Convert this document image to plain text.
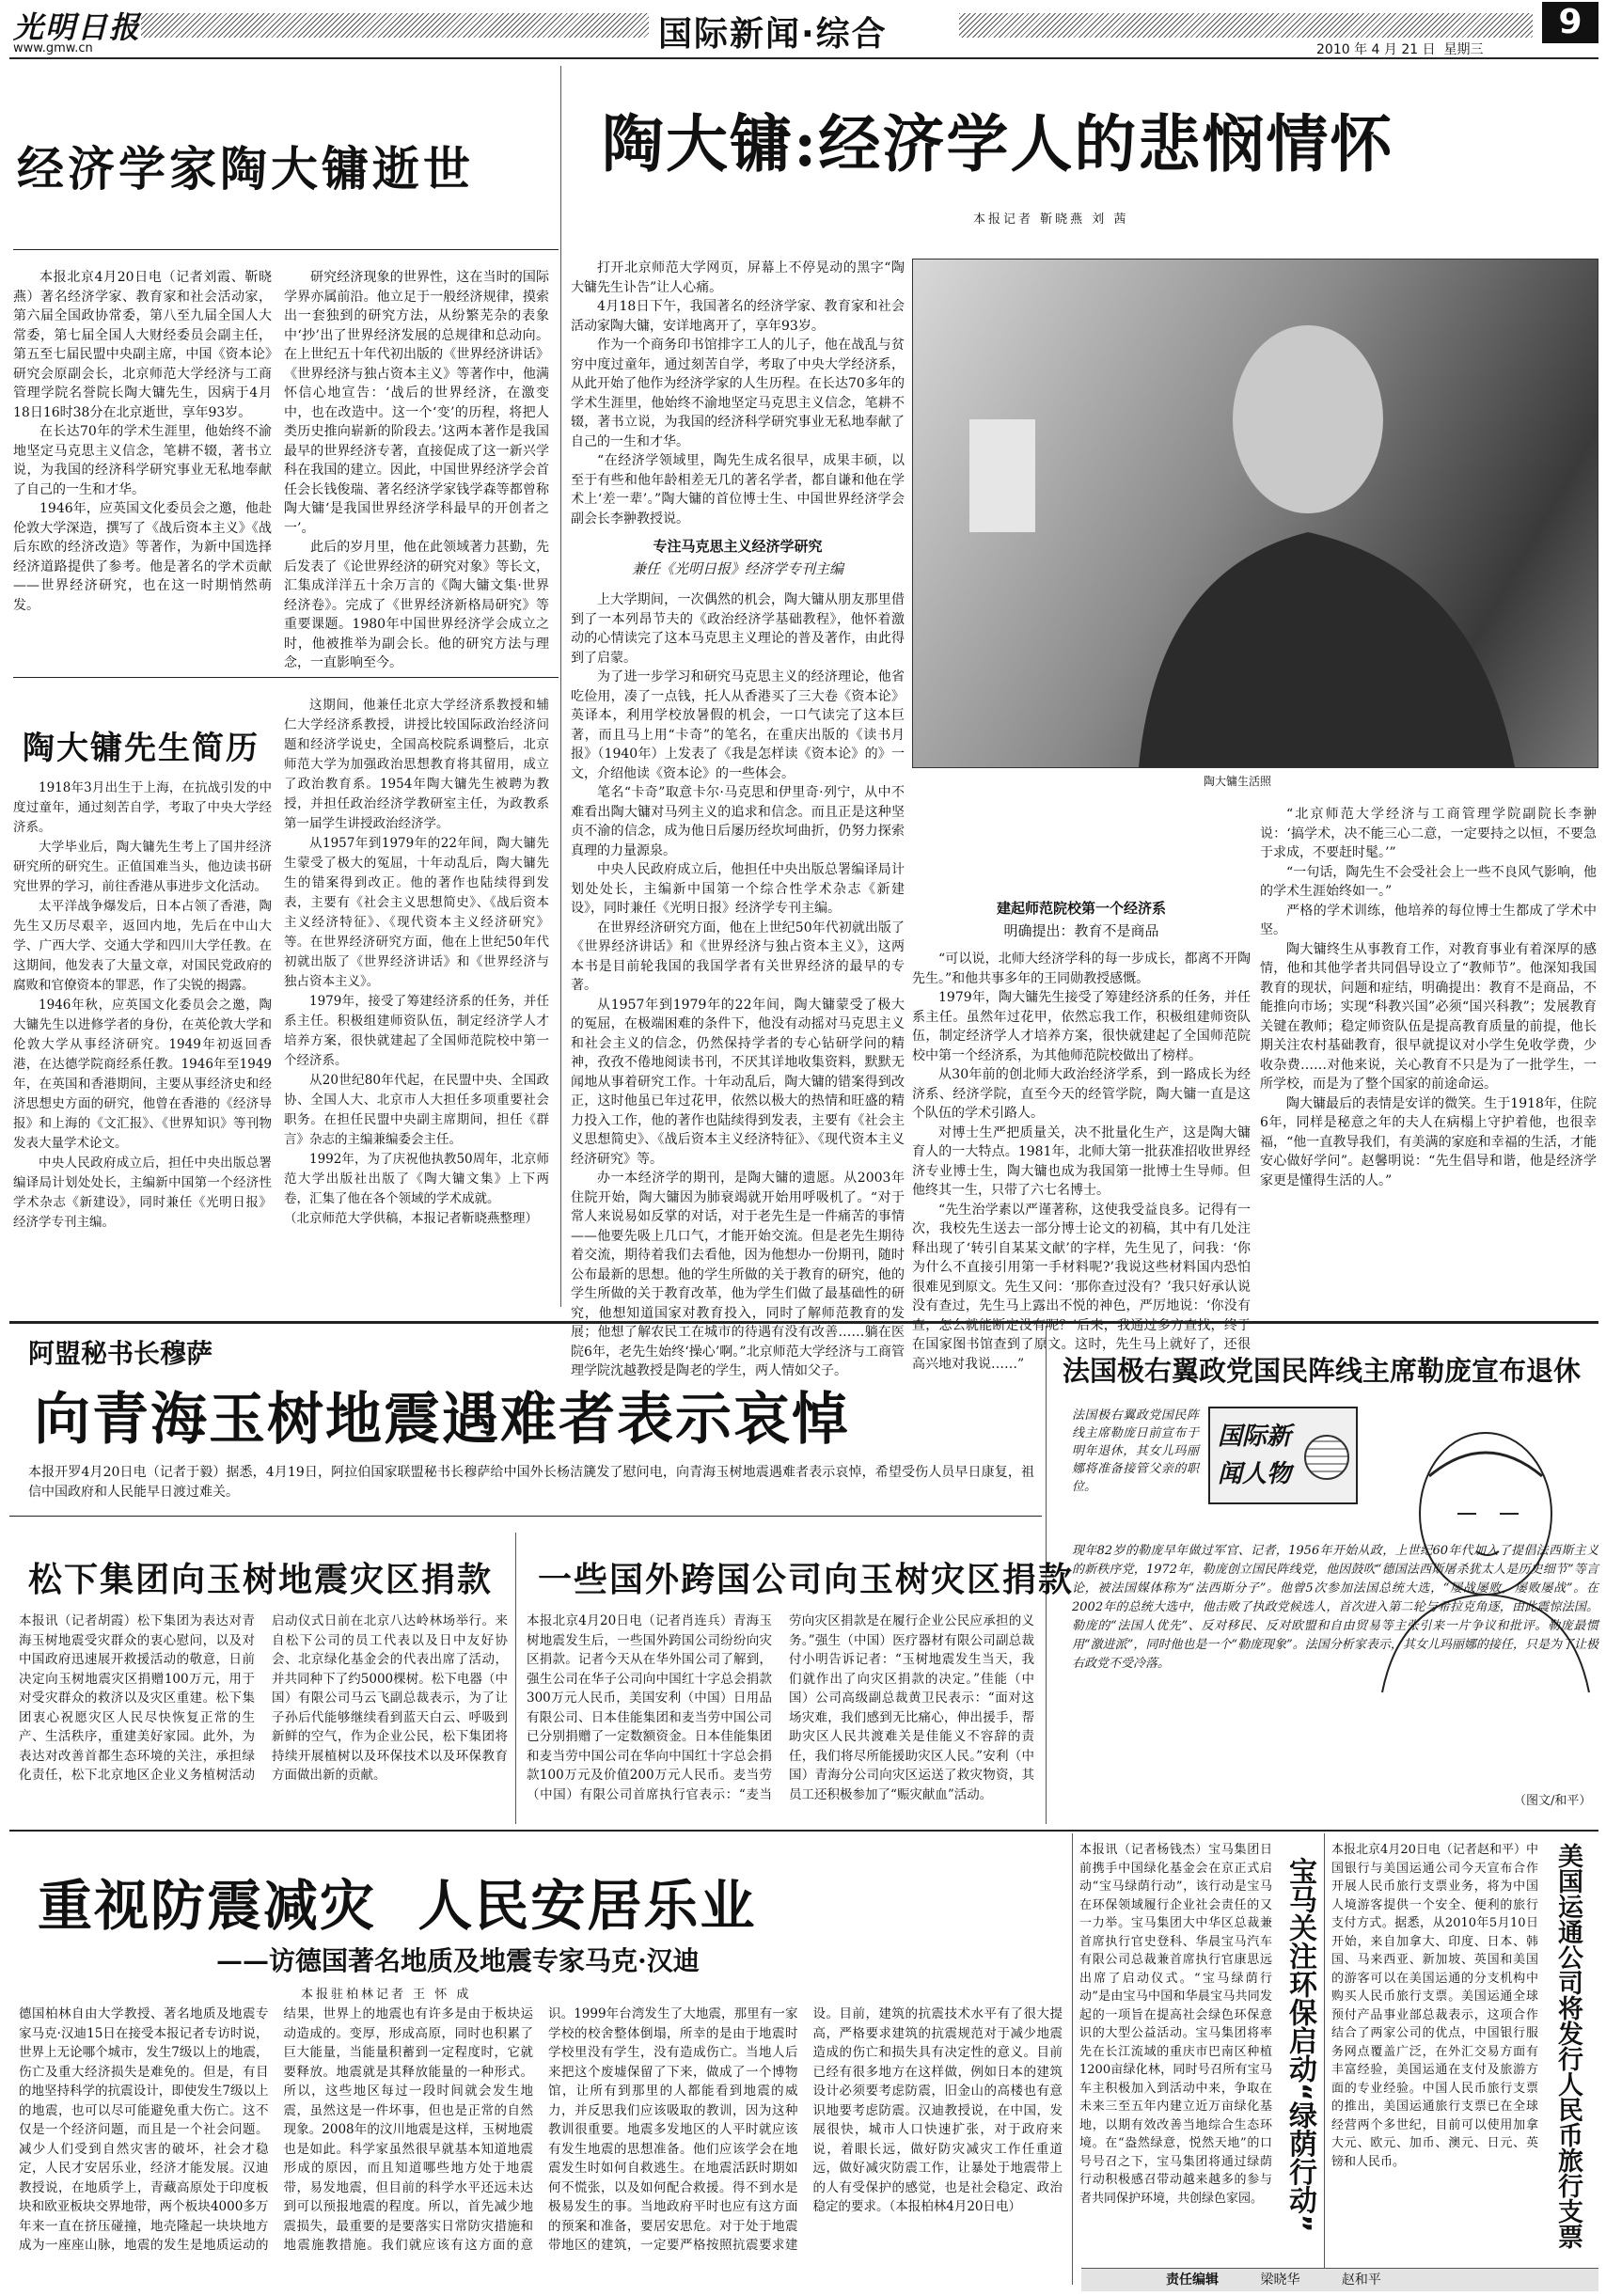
光明日报
www.gmw.cn	国际新闻·综合	9
2010 年 4 月 21 日 星期三
经济学家陶大镛逝世

本报北京4月20日电（记者刘霞、靳晓燕）著名经济学家、教育家和社会活动家，第六届全国政协常委，第八至九届全国人大常委，第七届全国人大财经委员会副主任，第五至七届民盟中央副主席，中国《资本论》研究会原副会长，北京师范大学经济与工商管理学院名誉院长陶大镛先生，因病于4月18日16时38分在北京逝世，享年93岁。

在长达70年的学术生涯里，他始终不渝地坚定马克思主义信念，笔耕不辍，著书立说，为我国的经济科学研究事业无私地奉献了自己的一生和才华。

1946年，应英国文化委员会之邀，他赴伦敦大学深造，撰写了《战后资本主义》《战后东欧的经济改造》等著作，为新中国选择经济道路提供了参考。他是著名的学术贡献——世界经济研究，也在这一时期悄然萌发。

研究经济现象的世界性，这在当时的国际学界亦属前沿。他立足于一般经济规律，摸索出一套独到的研究方法，从纷繁芜杂的表象中‘抄’出了世界经济发展的总规律和总动向。在上世纪五十年代初出版的《世界经济讲话》《世界经济与独占资本主义》等著作中，他满怀信心地宣告：‘战后的世界经济，在激变中，也在改造中。这一个‘变’的历程，将把人类历史推向崭新的阶段去。’这两本著作是我国最早的世界经济专著，直接促成了这一新兴学科在我国的建立。因此，中国世界经济学会首任会长钱俊瑞、著名经济学家钱学森等都曾称陶大镛‘是我国世界经济学科最早的开创者之一’。

此后的岁月里，他在此领域著力甚勤，先后发表了《论世界经济的研究对象》等长文，汇集成洋洋五十余万言的《陶大镛文集·世界经济卷》。完成了《世界经济新格局研究》等重要课题。1980年中国世界经济学会成立之时，他被推举为副会长。他的研究方法与理念，一直影响至今。

陶大镛先生简历

1918年3月出生于上海，在抗战引发的中度过童年，通过刻苦自学，考取了中央大学经济系。

大学毕业后，陶大镛先生考上了国井经济研究所的研究生。正值国难当头，他边读书研究世界的学习，前往香港从事进步文化活动。

太平洋战争爆发后，日本占领了香港，陶先生又历尽艰辛，返回内地，先后在中山大学、广西大学、交通大学和四川大学任教。在这期间，他发表了大量文章，对国民党政府的腐败和官僚资本的罪恶，作了尖锐的揭露。

1946年秋，应英国文化委员会之邀，陶大镛先生以进修学者的身份，在英伦敦大学和伦敦大学从事经济研究。1949年初返回香港，在达德学院商经系任教。1946年至1949年，在英国和香港期间，主要从事经济史和经济思想史方面的研究，他曾在香港的《经济导报》和上海的《文汇报》、《世界知识》等刊物发表大量学术论文。

中央人民政府成立后，担任中央出版总署编译局计划处处长，主编新中国第一个经济性学术杂志《新建设》，同时兼任《光明日报》经济学专刊主编。

这期间，他兼任北京大学经济系教授和辅仁大学经济系教授，讲授比较国际政治经济问题和经济学说史，全国高校院系调整后，北京师范大学为加强政治思想教育将其留用，成立了政治教育系。1954年陶大镛先生被聘为教授，并担任政治经济学教研室主任，为政教系第一届学生讲授政治经济学。

从1957年到1979年的22年间，陶大镛先生蒙受了极大的冤屈，十年动乱后，陶大镛先生的错案得到改正。他的著作也陆续得到发表，主要有《社会主义思想简史》、《战后资本主义经济特征》、《现代资本主义经济研究》等。在世界经济研究方面，他在上世纪50年代初就出版了《世界经济讲话》和《世界经济与独占资本主义》。

1979年，接受了筹建经济系的任务，并任系主任。积极组建师资队伍，制定经济学人才培养方案，很快就建起了全国师范院校中第一个经济系。

从20世纪80年代起，在民盟中央、全国政协、全国人大、北京市人大担任多项重要社会职务。在担任民盟中央副主席期间，担任《群言》杂志的主编兼编委会主任。

1992年，为了庆祝他执教50周年，北京师范大学出版社出版了《陶大镛文集》上下两卷，汇集了他在各个领域的学术成就。

（北京师范大学供稿，本报记者靳晓燕整理）

陶大镛:经济学人的悲悯情怀
本报记者 靳晓燕 刘 茜

打开北京师范大学网页，屏幕上不停晃动的黑字“陶大镛先生讣告”让人心痛。

4月18日下午，我国著名的经济学家、教育家和社会活动家陶大镛，安详地离开了，享年93岁。

作为一个商务印书馆排字工人的儿子，他在战乱与贫穷中度过童年，通过刻苦自学，考取了中央大学经济系，从此开始了他作为经济学家的人生历程。在长达70多年的学术生涯里，他始终不渝地坚定马克思主义信念，笔耕不辍，著书立说，为我国的经济科学研究事业无私地奉献了自己的一生和才华。

“在经济学领域里，陶先生成名很早，成果丰硕，以至于有些和他年龄相差无几的著名学者，都自谦和他在学术上‘差一辈’。”陶大镛的首位博士生、中国世界经济学会副会长李翀教授说。

专注马克思主义经济学研究
兼任《光明日报》经济学专刊主编

上大学期间，一次偶然的机会，陶大镛从朋友那里借到了一本列昂节夫的《政治经济学基础教程》，他怀着激动的心情读完了这本马克思主义理论的普及著作，由此得到了启蒙。

为了进一步学习和研究马克思主义的经济理论，他省吃俭用，凑了一点钱，托人从香港买了三大卷《资本论》英译本，利用学校放暑假的机会，一口气读完了这本巨著，而且马上用“卡奇”的笔名，在重庆出版的《读书月报》（1940年）上发表了《我是怎样读《资本论》的》一文，介绍他读《资本论》的一些体会。

笔名“卡奇”取意卡尔·马克思和伊里奇·列宁，从中不难看出陶大镛对马列主义的追求和信念。而且正是这种坚贞不渝的信念，成为他日后屡历经坎坷曲折，仍努力探索真理的力量源泉。

中央人民政府成立后，他担任中央出版总署编译局计划处处长，主编新中国第一个综合性学术杂志《新建设》，同时兼任《光明日报》经济学专刊主编。

在世界经济研究方面，他在上世纪50年代初就出版了《世界经济讲话》和《世界经济与独占资本主义》，这两本书是目前轮我国的我国学者有关世界经济的最早的专著。

从1957年到1979年的22年间，陶大镛蒙受了极大的冤屈，在极端困难的条件下，他没有动摇对马克思主义和社会主义的信念，仍然保持学者的专心钻研学问的精神，孜孜不倦地阅读书刊，不厌其详地收集资料，默默无闻地从事着研究工作。十年动乱后，陶大镛的错案得到改正，这时他虽已年过花甲，依然以极大的热情和旺盛的精力投入工作，他的著作也陆续得到发表，主要有《社会主义思想简史》、《战后资本主义经济特征》、《现代资本主义经济研究》等。

办一本经济学的期刊，是陶大镛的遗愿。从2003年住院开始，陶大镛因为肺衰竭就开始用呼吸机了。“对于常人来说易如反掌的对话，对于老先生是一件痛苦的事情——他要先吸上几口气，才能开始交流。但是老先生期待着交流，期待着我们去看他，因为他想办一份期刊，随时公布最新的思想。他的学生所做的关于教育的研究，他的学生所做的关于教育改革，他为学生们做了最基础性的研究，他想知道国家对教育投入，同时了解师范教育的发展；他想了解农民工在城市的待遇有没有改善……躺在医院6年，老先生始终‘操心’啊。”北京师范大学经济与工商管理学院沈越教授是陶老的学生，两人情如父子。

陶大镛生活照
建起师范院校第一个经济系
明确提出：教育不是商品

“可以说，北师大经济学科的每一步成长，都离不开陶先生。”和他共事多年的王同勋教授感慨。

1979年，陶大镛先生接受了筹建经济系的任务，并任系主任。虽然年过花甲，依然忘我工作，积极组建师资队伍，制定经济学人才培养方案，很快就建起了全国师范院校中第一个经济系，为其他师范院校做出了榜样。

从30年前的创北师大政治经济学系，到一路成长为经济系、经济学院，直至今天的经管学院，陶大镛一直是这个队伍的学术引路人。

对博士生严把质量关，决不批量化生产，这是陶大镛育人的一大特点。1981年，北师大第一批获准招收世界经济专业博士生，陶大镛也成为我国第一批博士生导师。但他终其一生，只带了六七名博士。

“先生治学素以严谨著称，这使我受益良多。记得有一次，我校先生送去一部分博士论文的初稿，其中有几处注释出现了‘转引自某某文献’的字样，先生见了，问我：‘你为什么不直接引用第一手材料呢?’我说这些材料国内恐怕很难见到原文。先生又问：‘那你查过没有？’我只好承认说没有查过，先生马上露出不悦的神色，严厉地说：‘你没有查，怎么就能断定没有呢？’后来，我通过多方查找，终于在国家图书馆查到了原文。这时，先生马上就好了，还很高兴地对我说……”

“北京师范大学经济与工商管理学院副院长李翀说：‘搞学术，决不能三心二意，一定要持之以恒，不要急于求成，不要赶时髦。’”

“一句话，陶先生不会受社会上一些不良风气影响，他的学术生涯始终如一。”

严格的学术训练，他培养的每位博士生都成了学术中坚。

陶大镛终生从事教育工作，对教育事业有着深厚的感情，他和其他学者共同倡导设立了“教师节”。他深知我国教育的现状，问题和症结，明确提出：教育不是商品，不能推向市场；实现“科教兴国”必须“国兴科教”；发展教育关键在教师；稳定师资队伍是提高教育质量的前提，他长期关注农村基础教育，很早就提议对小学生免收学费，少收杂费……对他来说，关心教育不只是为了一批学生，一所学校，而是为了整个国家的前途命运。

陶大镛最后的表情是安详的微笑。生于1918年，住院6年，同样是秘意之年的夫人在病榻上守护着他，也很幸福，“他一直教导我们，有美满的家庭和幸福的生活，才能安心做好学问”。赵馨明说：“先生倡导和谐，他是经济学家更是懂得生活的人。”

阿盟秘书长穆萨
向青海玉树地震遇难者表示哀悼
本报开罗4月20日电（记者于毅）据悉，4月19日，阿拉伯国家联盟秘书长穆萨给中国外长杨洁篪发了慰问电，向青海玉树地震遇难者表示哀悼，希望受伤人员早日康复，祖信中国政府和人民能早日渡过难关。
法国极右翼政党国民阵线主席勒庞宣布退休
法国极右翼政党国民阵线主席勒庞日前宣布于明年退休，其女儿玛丽娜将准备接管父亲的职位。
国际新闻人物
现年82岁的勒庞早年做过军官、记者，1956年开始从政，上世纪60年代加入了提倡法西斯主义的新秩序党，1972年，勒庞创立国民阵线党，他因鼓吹“德国法西斯屠杀犹太人是历史细节”等言论，被法国媒体称为“法西斯分子”。他曾5次参加法国总统大选，“屡战屡败，屡败屡战”。在2002年的总统大选中，他击败了执政党候选人，首次进入第二轮与希拉克角逐，由此震惊法国。勒庞的“法国人优先”、反对移民、反对欧盟和自由贸易等主张引来一片争议和批评。勒庞最惯用“激进派”，同时他也是一个“勒庞现象”。法国分析家表示，其女儿玛丽娜的接任，只是为了让极右政党不受冷落。
（图文/和平）
松下集团向玉树地震灾区捐款
本报讯（记者胡霞）松下集团为表达对青海玉树地震受灾群众的衷心慰问，以及对中国政府迅速展开救援活动的敬意，日前决定向玉树地震灾区捐赠100万元，用于对受灾群众的救济以及灾区重建。松下集团衷心祝愿灾区人民尽快恢复正常的生产、生活秩序，重建美好家园。此外，为表达对改善首都生态环境的关注，承担绿化责任，松下北京地区企业义务植树活动启动仪式日前在北京八达岭林场举行。来自松下公司的员工代表以及日中友好协会、北京绿化基金会的代表出席了活动，并共同种下了约5000棵树。松下电器（中国）有限公司马云飞副总裁表示，为了让子孙后代能够继续看到蓝天白云、呼吸到新鲜的空气，作为企业公民，松下集团将持续开展植树以及环保技术以及环保教育方面做出新的贡献。
一些国外跨国公司向玉树灾区捐款
本报北京4月20日电（记者肖连兵）青海玉树地震发生后，一些国外跨国公司纷纷向灾区捐款。记者今天从在华外国公司了解到，强生公司在华子公司向中国红十字总会捐款300万元人民币，美国安利（中国）日用品有限公司、日本佳能集团和麦当劳中国公司已分别捐赠了一定数额资金。日本佳能集团和麦当劳中国公司在华向中国红十字总会捐款100万元及价值200万元人民币。麦当劳（中国）有限公司首席执行官表示：“麦当劳向灾区捐款是在履行企业公民应承担的义务。”强生（中国）医疗器材有限公司副总裁付小明告诉记者：“玉树地震发生当天，我们就作出了向灾区捐款的决定。”佳能（中国）公司高级副总裁黄卫民表示：“面对这场灾难，我们感到无比痛心，伸出援手，帮助灾区人民共渡难关是佳能义不容辞的责任，我们将尽所能援助灾区人民。”安利（中国）青海分公司向灾区运送了救灾物资，其员工还积极参加了“赈灾献血”活动。
重视防震减灾  人民安居乐业
——访德国著名地质及地震专家马克·汉迪
本报驻柏林记者 王 怀 成
德国柏林自由大学教授、著名地质及地震专家马克·汉迪15日在接受本报记者专访时说，世界上无论哪个城市，发生7级以上的地震，伤亡及重大经济损失是难免的。但是，有目的地坚持科学的抗震设计，即使发生7级以上的地震，也可以尽可能避免重大伤亡。这不仅是一个经济问题，而且是一个社会问题。减少人们受到自然灾害的破坏，社会才稳定，人民才安居乐业，经济才能发展。汉迪教授说，在地质学上，青藏高原处于印度板块和欧亚板块交界地带，两个板块4000多万年来一直在挤压碰撞，地壳隆起一块块地方成为一座座山脉，地震的发生是地质运动的结果，世界上的地震也有许多是由于板块运动造成的。变厚，形成高原，同时也积累了巨大能量，当能量积蓄到一定程度时，它就要释放。地震就是其释放能量的一种形式。所以，这些地区每过一段时间就会发生地震，虽然这是一件坏事，但也是正常的自然现象。2008年的汶川地震是这样，玉树地震也是如此。科学家虽然很早就基本知道地震形成的原因，而且知道哪些地方处于地震带，易发地震，但目前的科学水平还远未达到可以预报地震的程度。所以，首先减少地震损失，最重要的是要落实日常防灾措施和地震施教措施。我们就应该有这方面的意识。1999年台湾发生了大地震，那里有一家学校的校舍整体倒塌，所幸的是由于地震时学校里没有学生，没有造成伤亡。当地人后来把这个废墟保留了下来，做成了一个博物馆，让所有到那里的人都能看到地震的威力，并反思我们应该吸取的教训，因为这种教训很重要。地震多发地区的人平时就应该有发生地震的思想准备。他们应该学会在地震发生时如何自救逃生。在地震活跃时期如何不慌张，以及如何配合救援。得不到水是极易发生的事。当地政府平时也应有这方面的预案和准备，要居安思危。对于处于地震带地区的建筑，一定要严格按照抗震要求建设。目前，建筑的抗震技术水平有了很大提高，严格要求建筑的抗震规范对于减少地震造成的伤亡和损失具有决定性的意义。目前已经有很多地方在这样做，例如日本的建筑设计必须要考虑防震，旧金山的高楼也有意识地要考虑防震。汉迪教授说，在中国，发展很快，城市人口快速扩张，对于政府来说，着眼长远，做好防灾减灾工作任重道远，做好减灾防震工作，让暴处于地震带上的人有受保护的感觉，也是社会稳定、政治稳定的要求。（本报柏林4月20日电）
本报讯（记者杨钱杰）宝马集团日前携手中国绿化基金会在京正式启动“宝马绿荫行动”，该行动是宝马在环保领域履行企业社会责任的又一力举。宝马集团大中华区总裁兼首席执行官史登科、华晨宝马汽车有限公司总裁兼首席执行官康思远出席了启动仪式。“宝马绿荫行动”是由宝马中国和华晨宝马共同发起的一项旨在提高社会绿色环保意识的大型公益活动。宝马集团将率先在长江流域的重庆市巴南区种植1200亩绿化林，同时号召所有宝马车主积极加入到活动中来，争取在未来三至五年内建立近万亩绿化基地，以期有效改善当地综合生态环境。在“盎然绿意，悦然天地”的口号号召之下，宝马集团将通过绿荫行动积极感召带动越来越多的参与者共同保护环境，共创绿色家园。 宝马关注环保启动“绿荫行动”
本报北京4月20日电（记者赵和平）中国银行与美国运通公司今天宣布合作开展人民币旅行支票业务，将为中国人境游客提供一个安全、便利的旅行支付方式。据悉，从2010年5月10日开始，来自加拿大、印度、日本、韩国、马来西亚、新加坡、英国和美国的游客可以在美国运通的分支机构中购买人民币旅行支票。美国运通全球预付产品事业部总裁表示，这项合作结合了两家公司的优点，中国银行服务网点覆盖广泛，在外汇交易方面有丰富经验，美国运通在支付及旅游方面的专业经验。中国人民币旅行支票的推出，美国运通旅行支票已在全球经营两个多世纪，目前可以使用加拿大元、欧元、加币、澳元、日元、英镑和人民币。	美国运通公司将发行人民币旅行支票
责任编辑	梁晓华	赵和平
